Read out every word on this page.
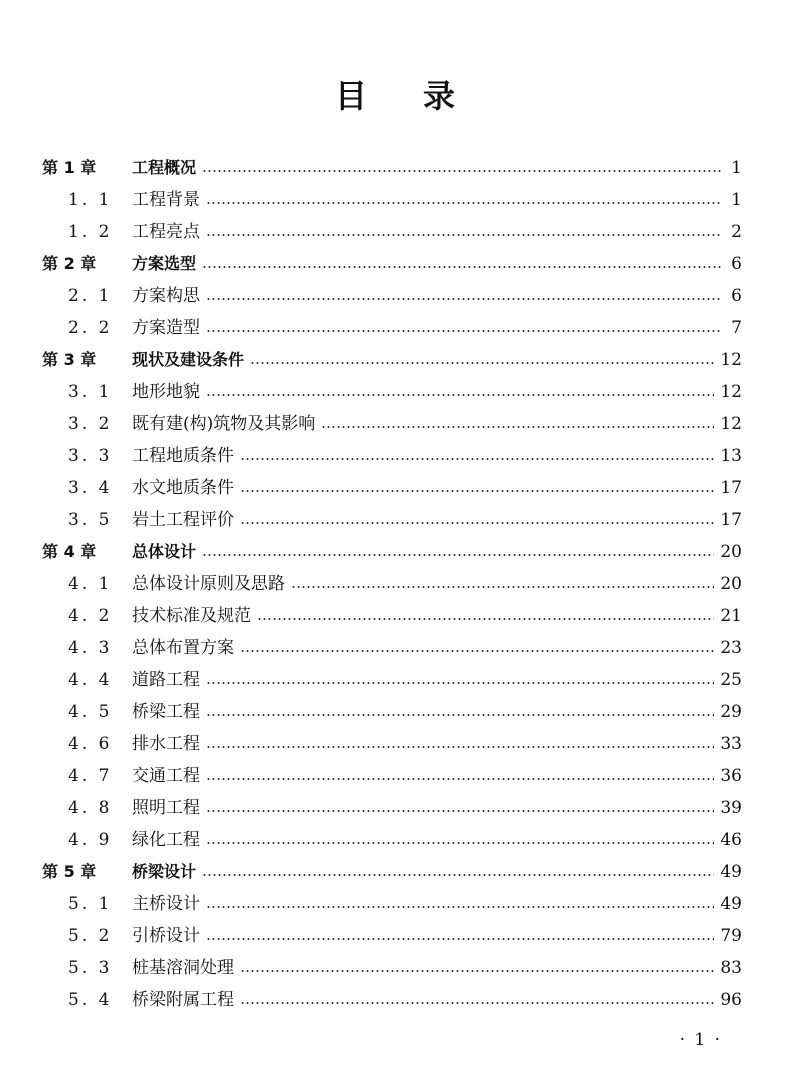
目录
第 1 章	工程概况	1
1. 1	工程背景	1
1. 2	工程亮点	2
第 2 章	方案选型	6
2. 1	方案构思	6
2. 2	方案造型	7
第 3 章	现状及建设条件	12
3. 1	地形地貌	12
3. 2	既有建(构)筑物及其影响	12
3. 3	工程地质条件	13
3. 4	水文地质条件	17
3. 5	岩土工程评价	17
第 4 章	总体设计	20
4. 1	总体设计原则及思路	20
4. 2	技术标准及规范	21
4. 3	总体布置方案	23
4. 4	道路工程	25
4. 5	桥梁工程	29
4. 6	排水工程	33
4. 7	交通工程	36
4. 8	照明工程	39
4. 9	绿化工程	46
第 5 章	桥梁设计	49
5. 1	主桥设计	49
5. 2	引桥设计	79
5. 3	桩基溶洞处理	83
5. 4	桥梁附属工程	96
· 1 ·
